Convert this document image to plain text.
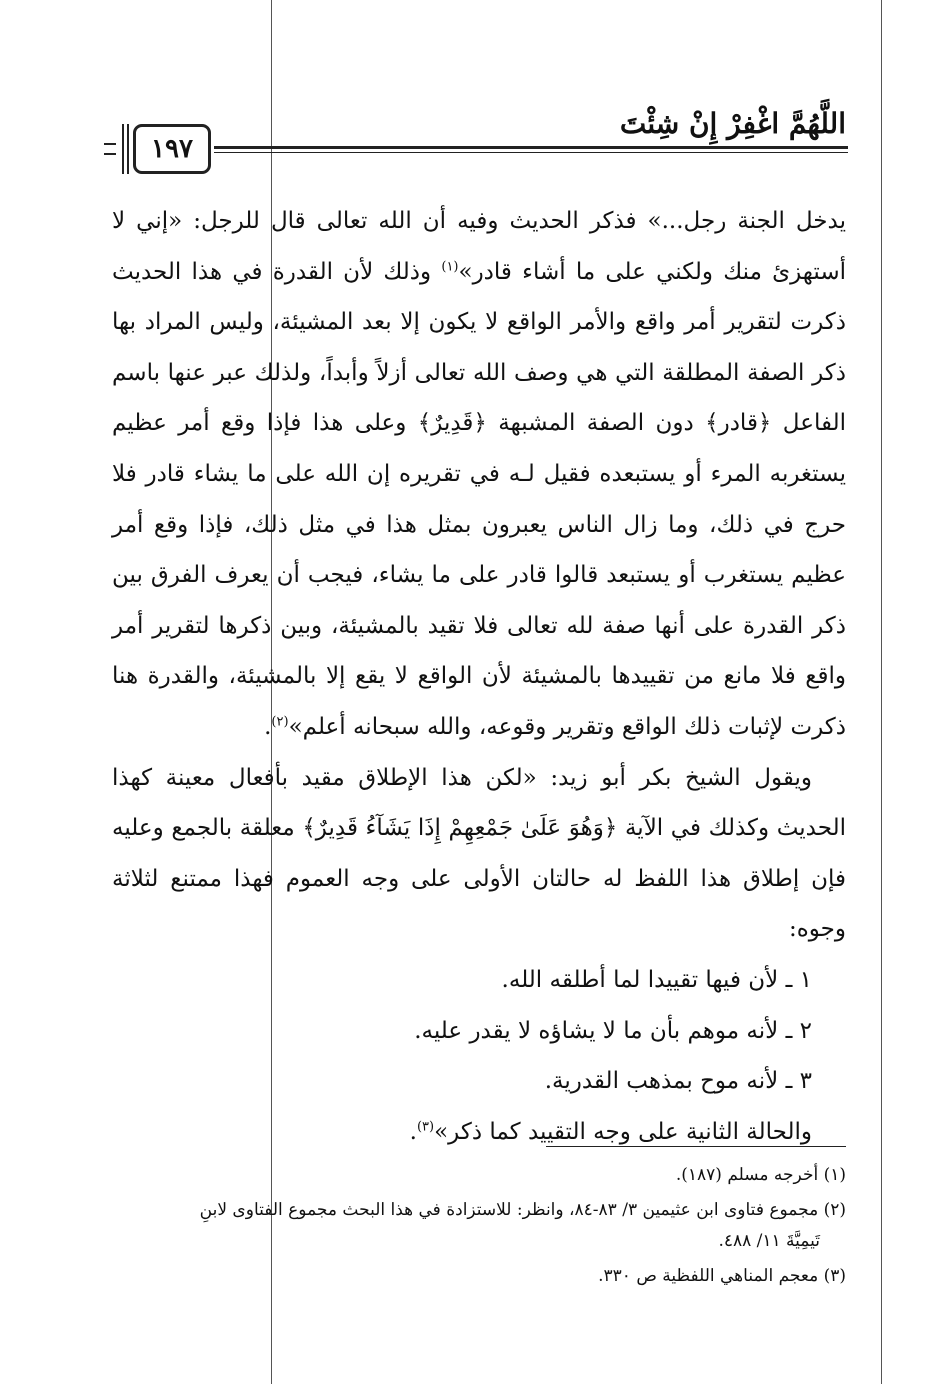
اللَّهُمَّ اغْفِرْ إِنْ شِئْتَ
١٩٧

يدخل الجنة رجل...» فذكر الحديث وفيه أن الله تعالى قال للرجل: «إني لا أستهزئ منك ولكني على ما أشاء قادر»$^{(١)}$ وذلك لأن القدرة في هذا الحديث ذكرت لتقرير أمر واقع والأمر الواقع لا يكون إلا بعد المشيئة، وليس المراد بها ذكر الصفة المطلقة التي هي وصف الله تعالى أزلاً وأبداً، ولذلك عبر عنها باسم الفاعل ﴿قادر﴾ دون الصفة المشبهة ﴿قَدِيرٌ﴾ وعلى هذا فإذا وقع أمر عظيم يستغربه المرء أو يستبعده فقيل لـه في تقريره إن الله على ما يشاء قادر فلا حرج في ذلك، وما زال الناس يعبرون بمثل هذا في مثل ذلك، فإذا وقع أمر عظيم يستغرب أو يستبعد قالوا قادر على ما يشاء، فيجب أن يعرف الفرق بين ذكر القدرة على أنها صفة لله تعالى فلا تقيد بالمشيئة، وبين ذكرها لتقرير أمر واقع فلا مانع من تقييدها بالمشيئة لأن الواقع لا يقع إلا بالمشيئة، والقدرة هنا ذكرت لإثبات ذلك الواقع وتقرير وقوعه، والله سبحانه أعلم»$^{(٢)}$.

ويقول الشيخ بكر أبو زيد: «لكن هذا الإطلاق مقيد بأفعال معينة كهذا الحديث وكذلك في الآية ﴿وَهُوَ عَلَىٰ جَمْعِهِمْ إِذَا يَشَآءُ قَدِيرٌ﴾ معلقة بالجمع وعليه فإن إطلاق هذا اللفظ له حالتان الأولى على وجه العموم فهذا ممتنع لثلاثة وجوه:

١ ـ لأن فيها تقييدا لما أطلقه الله.

٢ ـ لأنه موهم بأن ما لا يشاؤه لا يقدر عليه.

٣ ـ لأنه موح بمذهب القدرية.

والحالة الثانية على وجه التقييد كما ذكر»$^{(٣)}$.

(١) أخرجه مسلم (١٨٧).

(٢) مجموع فتاوى ابن عثيمين ٣/ ٨٣-٨٤، وانظر: للاستزادة في هذا البحث مجموع الفتاوى لابنِ

تَيمِيَّةَ ١١/ ٤٨٨.

(٣) معجم المناهي اللفظية ص ٣٣٠.
